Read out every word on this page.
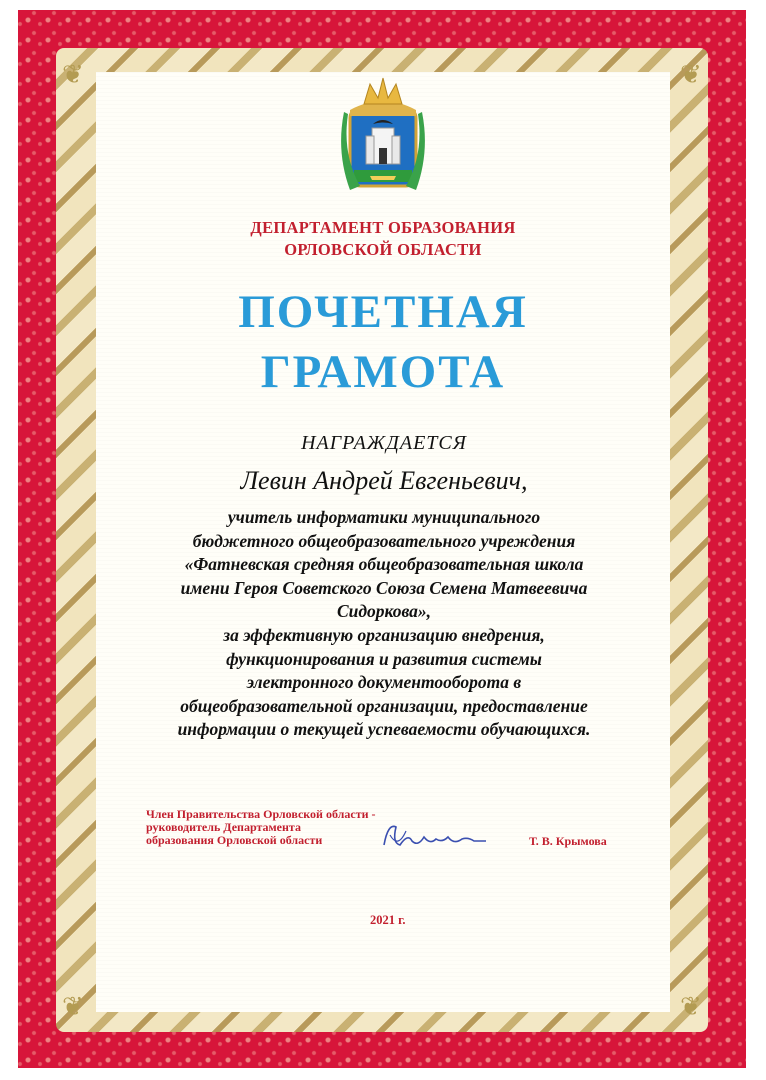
❦	❦
❦	❦
ДЕПАРТАМЕНТ ОБРАЗОВАНИЯ
ОРЛОВСКОЙ ОБЛАСТИ
ПОЧЕТНАЯ
ГРАМОТА
НАГРАЖДАЕТСЯ
Левин Андрей Евгеньевич,
учитель информатики муниципального
бюджетного общеобразовательного учреждения
«Фатневская средняя общеобразовательная школа
имени Героя Советского Союза Семена Матвеевича
Сидоркова»,
за эффективную организацию внедрения,
функционирования и развития системы
электронного документооборота в
общеобразовательной организации, предоставление
информации о текущей успеваемости обучающихся.
Член Правительства Орловской области -
руководитель Департамента
образования Орловской области	Т. В. Крымова
2021 г.
